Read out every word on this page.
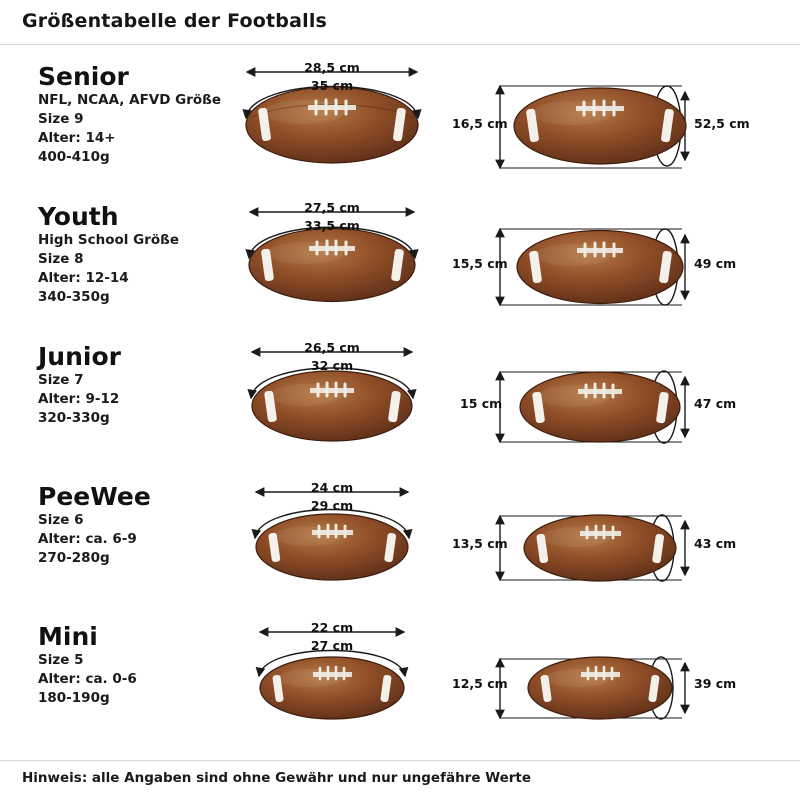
Größentabelle der Footballs
Senior
NFL, NCAA, AFVD Größe
Size 9
Alter: 14+
400-410g
28,5 cm
35 cm
16,5 cm	52,5 cm
Youth
High School Größe
Size 8
Alter: 12-14
340-350g
27,5 cm
33,5 cm
15,5 cm	49 cm
Junior
Size 7
Alter: 9-12
320-330g
26,5 cm
32 cm
15 cm	47 cm
PeeWee
Size 6
Alter: ca. 6-9
270-280g
24 cm
29 cm
13,5 cm	43 cm
Mini
Size 5
Alter: ca. 0-6
180-190g
22 cm
27 cm
12,5 cm	39 cm
Hinweis: alle Angaben sind ohne Gewähr und nur ungefähre Werte
